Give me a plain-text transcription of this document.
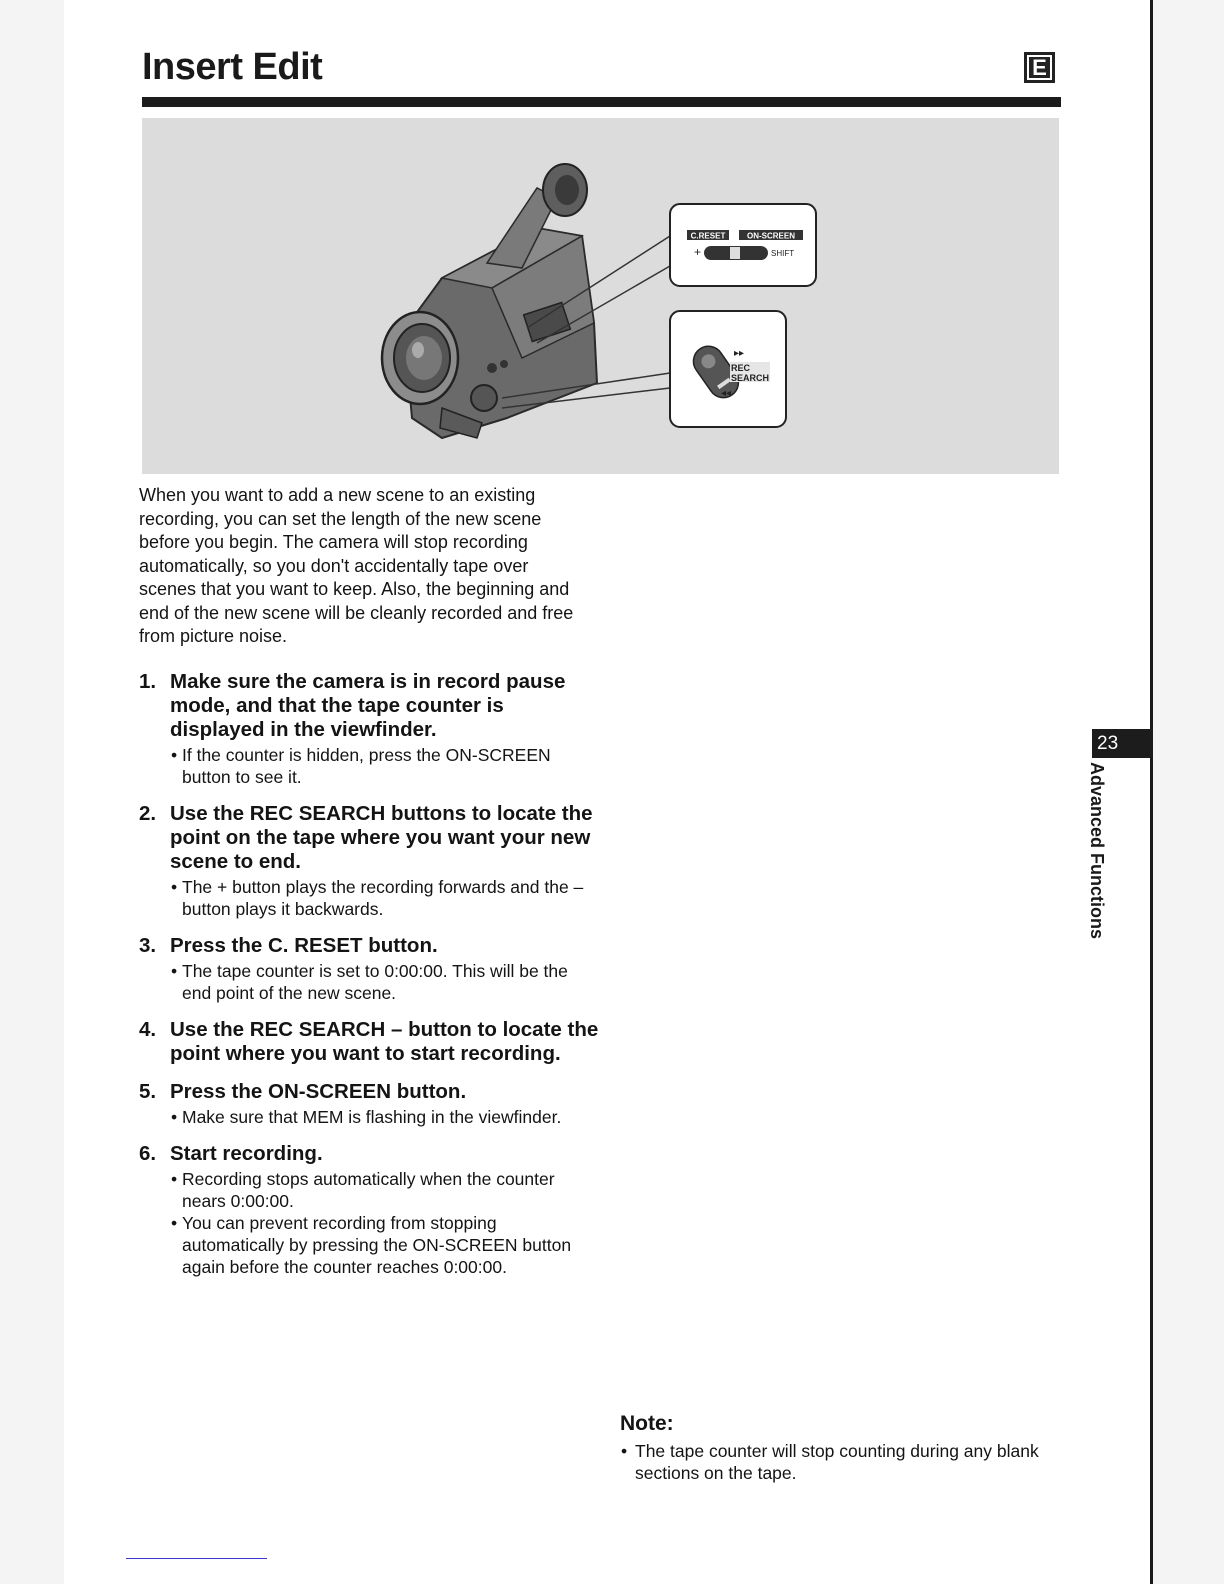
Insert Edit	E
C.RESET	ON-SCREEN
+	SHIFT
▸▸
REC
SEARCH
◂◂

When you want to add a new scene to an existing recording, you can set the length of the new scene before you begin. The camera will stop recording automatically, so you don't accidentally tape over scenes that you want to keep. Also, the beginning and end of the new scene will be cleanly recorded and free from picture noise.

1. Make sure the camera is in record pause mode, and that the tape counter is displayed in the viewfinder.
• If the counter is hidden, press the ON-SCREEN button to see it.
2. Use the REC SEARCH buttons to locate the point on the tape where you want your new scene to end.
• The + button plays the recording forwards and the – button plays it backwards.
3. Press the C. RESET button.
• The tape counter is set to 0:00:00. This will be the end point of the new scene.
4. Use the REC SEARCH – button to locate the point where you want to start recording.
5. Press the ON-SCREEN button.
• Make sure that MEM is flashing in the viewfinder.
6. Start recording.
• Recording stops automatically when the counter nears 0:00:00.
• You can prevent recording from stopping automatically by pressing the ON-SCREEN button again before the counter reaches 0:00:00.
Note:
• The tape counter will stop counting during any blank sections on the tape.
23
Advanced Functions
